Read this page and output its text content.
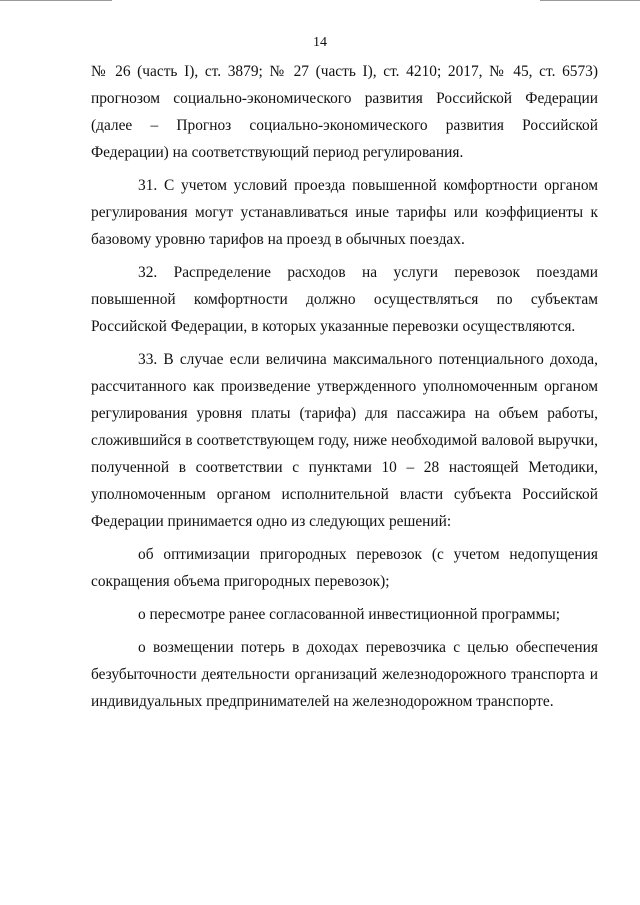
14
№ 26 (часть I), ст. 3879; № 27 (часть I), ст. 4210; 2017, № 45, ст. 6573)
прогнозом социально-экономического развития Российской Федерации
(далее – Прогноз социально-экономического развития Российской
Федерации) на соответствующий период регулирования.
31. С учетом условий проезда повышенной комфортности органом
регулирования могут устанавливаться иные тарифы или коэффициенты к
базовому уровню тарифов на проезд в обычных поездах.
32. Распределение расходов на услуги перевозок поездами
повышенной комфортности должно осуществляться по субъектам
Российской Федерации, в которых указанные перевозки осуществляются.
33. В случае если величина максимального потенциального дохода,
рассчитанного как произведение утвержденного уполномоченным органом
регулирования уровня платы (тарифа) для пассажира на объем работы,
сложившийся в соответствующем году, ниже необходимой валовой выручки,
полученной в соответствии с пунктами 10 – 28 настоящей Методики,
уполномоченным органом исполнительной власти субъекта Российской
Федерации принимается одно из следующих решений:
об оптимизации пригородных перевозок (с учетом недопущения
сокращения объема пригородных перевозок);
о пересмотре ранее согласованной инвестиционной программы;
о возмещении потерь в доходах перевозчика с целью обеспечения
безубыточности деятельности организаций железнодорожного транспорта и
индивидуальных предпринимателей на железнодорожном транспорте.
